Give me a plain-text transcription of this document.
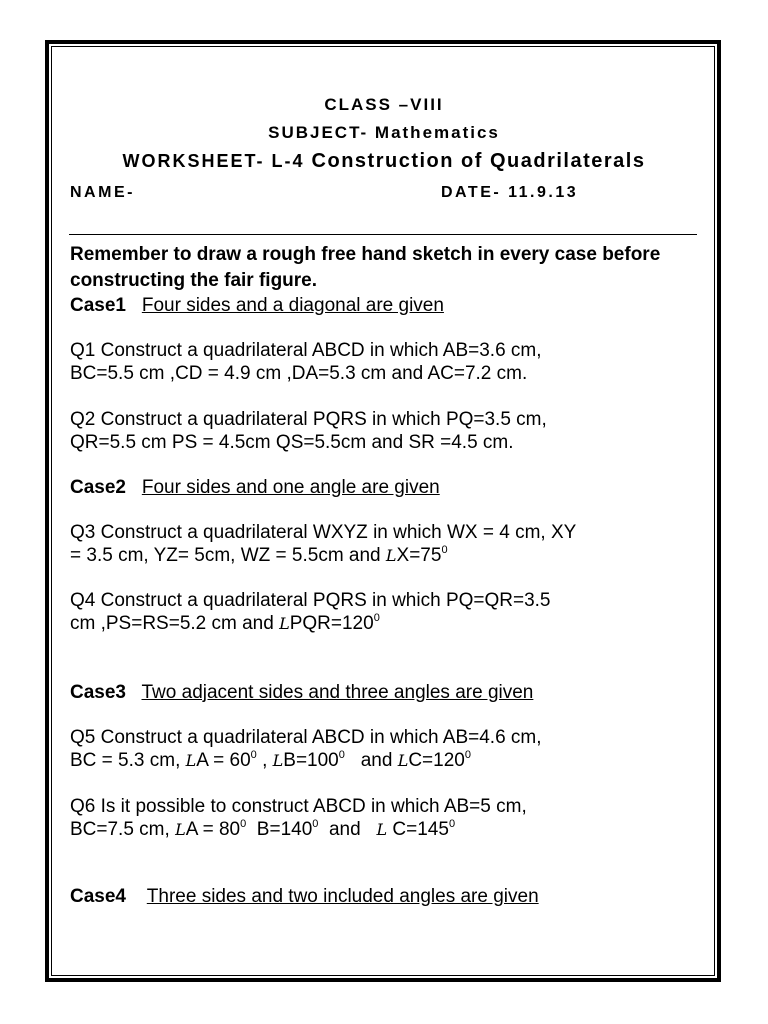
CLASS –VIII
SUBJECT- Mathematics
WORKSHEET- L-4 Construction of Quadrilaterals
NAME-	DATE- 11.9.13
Remember to draw a rough free hand sketch in every case before constructing the fair figure.
Case1 Four sides and a diagonal are given
Q1 Construct a quadrilateral ABCD in which AB=3.6 cm,
BC=5.5 cm ,CD = 4.9 cm ,DA=5.3 cm and AC=7.2 cm.
Q2 Construct a quadrilateral PQRS in which PQ=3.5 cm,
QR=5.5 cm PS = 4.5cm QS=5.5cm and SR =4.5 cm.
Case2 Four sides and one angle are given
Q3 Construct a quadrilateral WXYZ in which WX = 4 cm, XY
= 3.5 cm, YZ= 5cm, WZ = 5.5cm and $LX=75^0$
Q4 Construct a quadrilateral PQRS in which PQ=QR=3.5
cm ,PS=RS=5.2 cm and $LPQR=120^0$
Case3 Two adjacent sides and three angles are given
Q5 Construct a quadrilateral ABCD in which AB=4.6 cm,
BC = 5.3 cm, LA = $60^0$ , $LB=100^0$   and $LC=120^0$
Q6 Is it possible to construct ABCD in which AB=5 cm,
BC=7.5 cm, LA = $80^0$  $B=140^0$  and   L $C=145^0$
Case4 Three sides and two included angles are given
